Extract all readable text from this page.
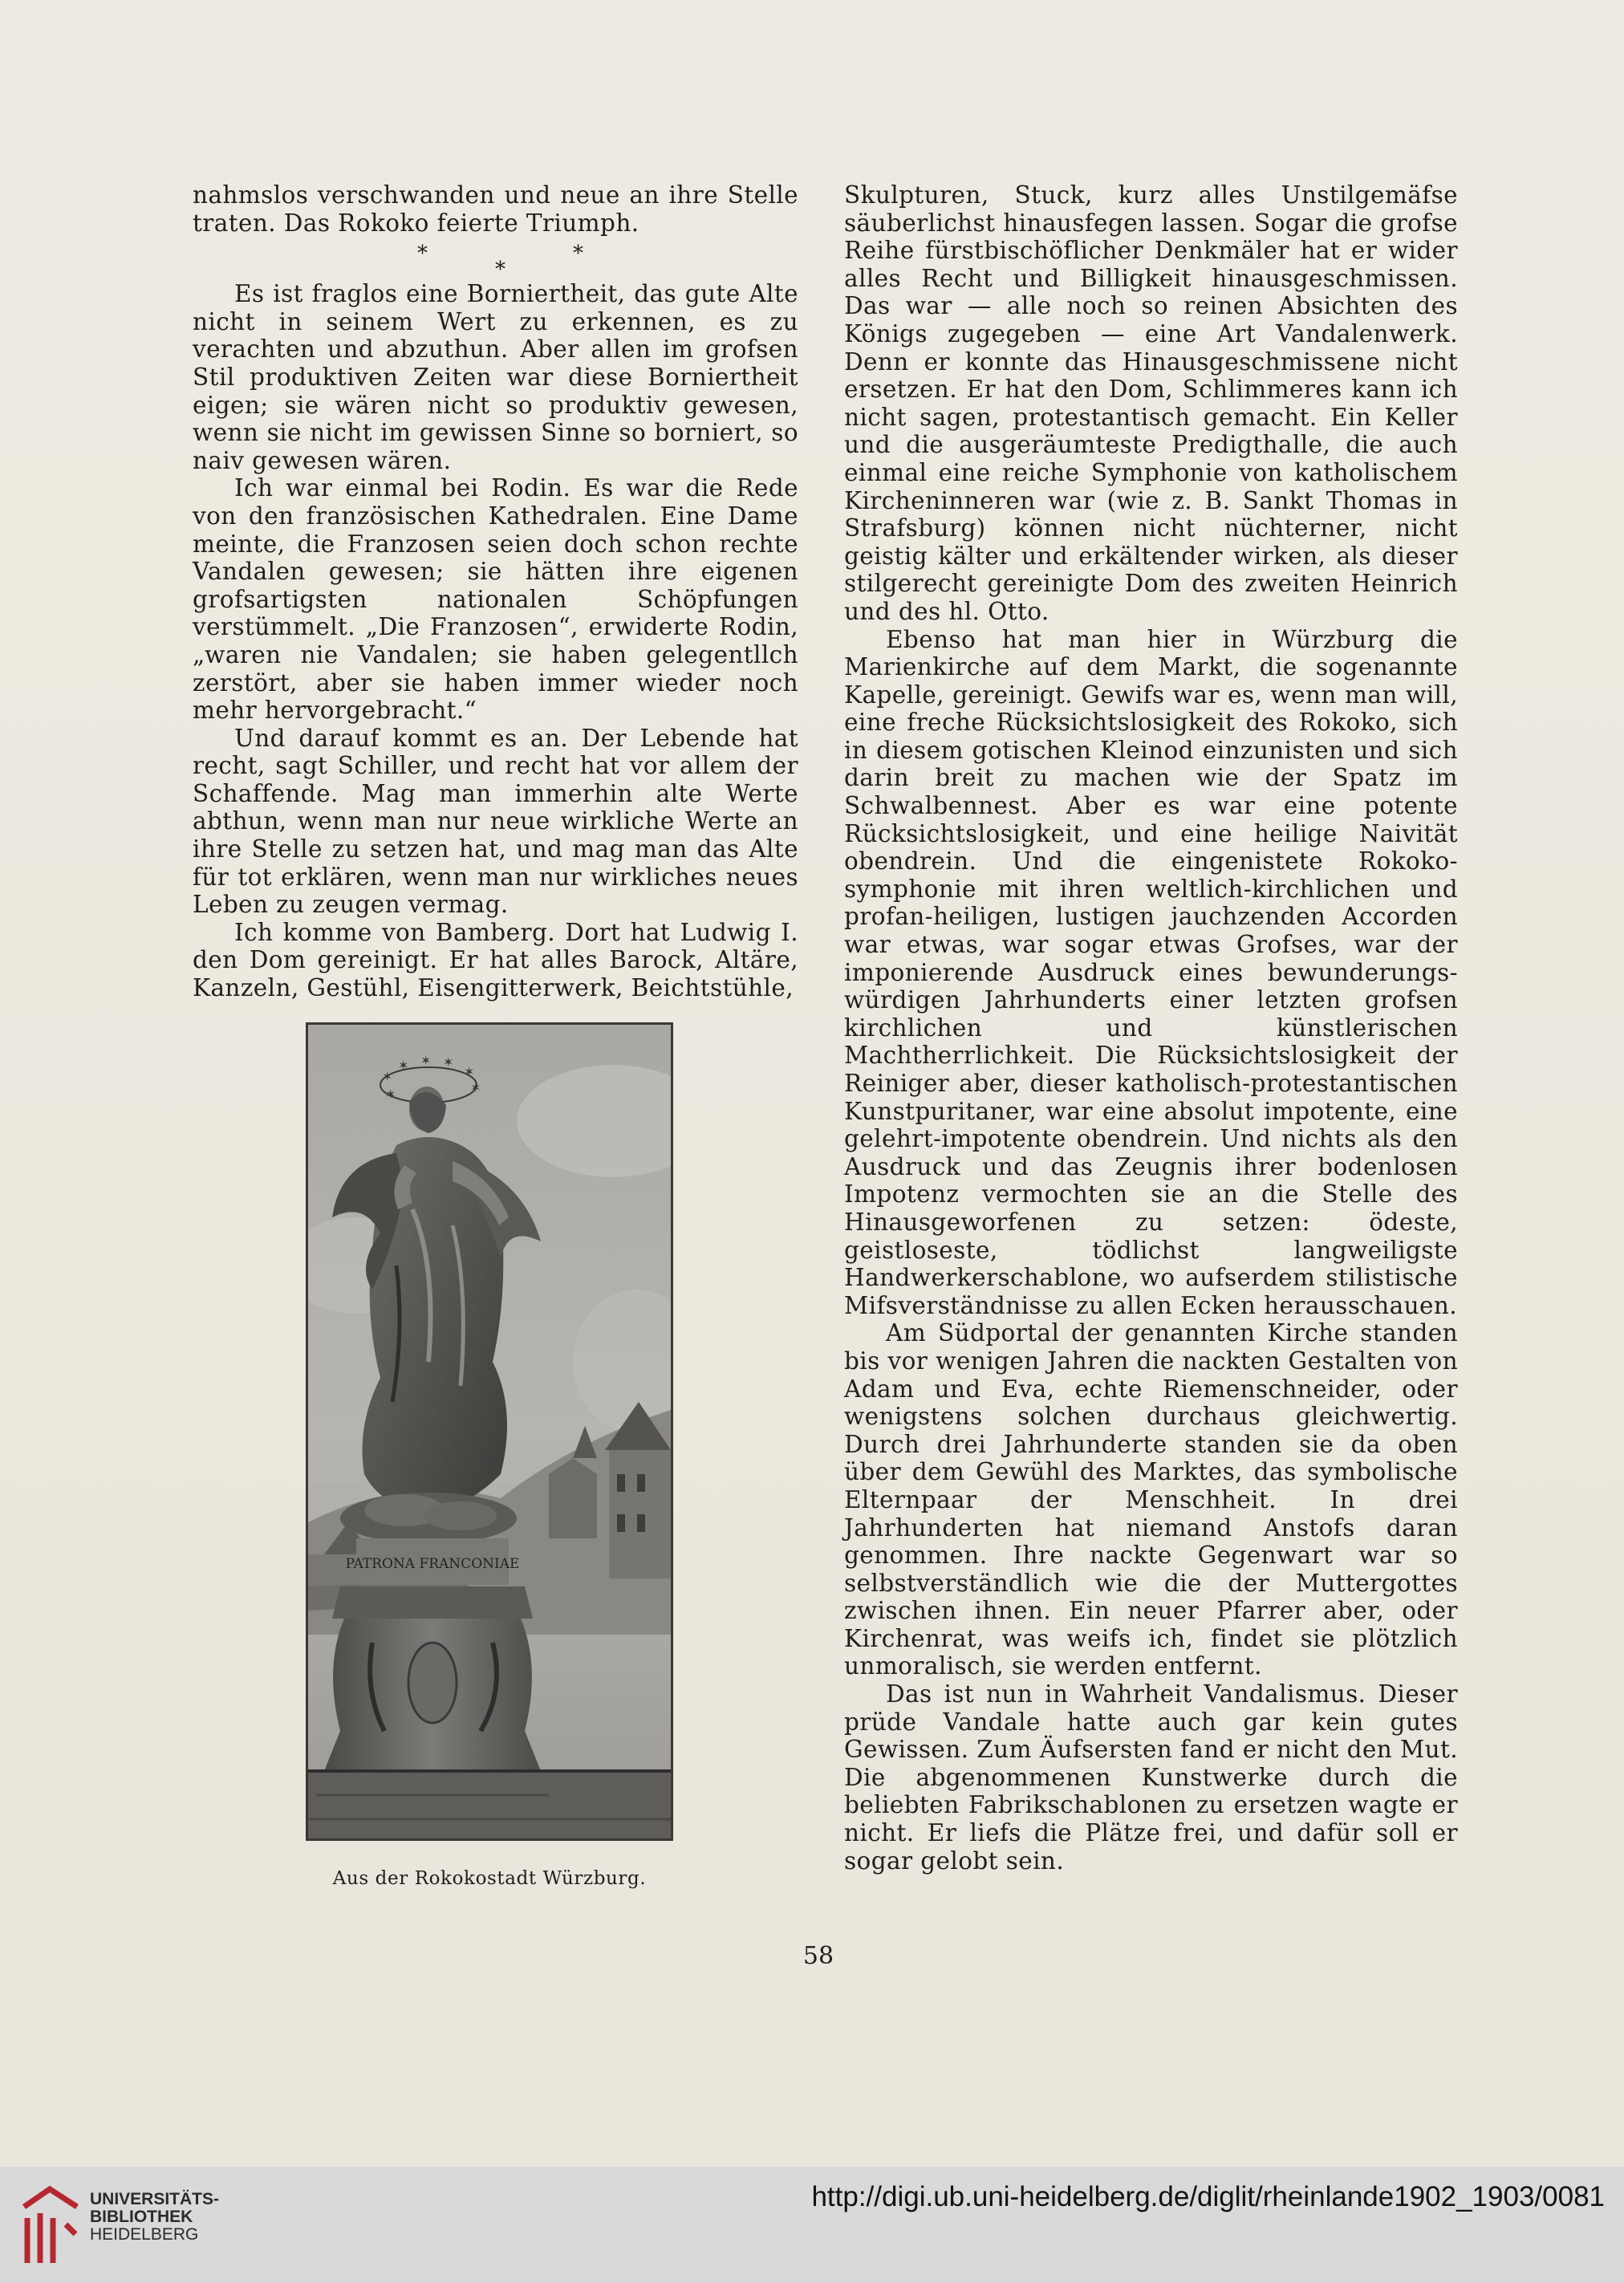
nahmslos verschwanden und neue an ihre Stelle traten. Das Rokoko feierte Triumph.

*
*
*

Es ist fraglos eine Borniertheit, das gute Alte nicht in seinem Wert zu erkennen, es zu verachten und abzuthun. Aber allen im grofsen Stil produktiven Zeiten war diese Borniertheit eigen; sie wären nicht so produktiv gewesen, wenn sie nicht im gewissen Sinne so borniert, so naiv gewesen wären.

Ich war einmal bei Rodin. Es war die Rede von den französischen Kathedralen. Eine Dame meinte, die Franzosen seien doch schon rechte Vandalen gewesen; sie hätten ihre eigenen grofsartigsten nationalen Schöpfungen verstümmelt. „Die Franzosen“, erwiderte Rodin, „waren nie Vandalen; sie haben gelegentllch zerstört, aber sie haben immer wieder noch mehr hervorgebracht.“

Und darauf kommt es an. Der Lebende hat recht, sagt Schiller, und recht hat vor allem der Schaffende. Mag man immerhin alte Werte abthun, wenn man nur neue wirkliche Werte an ihre Stelle zu setzen hat, und mag man das Alte für tot erklären, wenn man nur wirkliches neues Leben zu zeugen vermag.

Ich komme von Bamberg. Dort hat Ludwig I. den Dom gereinigt. Er hat alles Barock, Altäre, Kanzeln, Gestühl, Eisengitterwerk, Beichtstühle,

Skulpturen, Stuck, kurz alles Unstilgemäfse säuberlichst hinausfegen lassen. Sogar die grofse Reihe fürstbischöflicher Denkmäler hat er wider alles Recht und Billigkeit hinausgeschmissen. Das war — alle noch so reinen Absichten des Königs zugegeben — eine Art Vandalenwerk. Denn er konnte das Hinausgeschmissene nicht ersetzen. Er hat den Dom, Schlimmeres kann ich nicht sagen, protestantisch gemacht. Ein Keller und die ausgeräumteste Predigthalle, die auch einmal eine reiche Symphonie von katholischem Kircheninneren war (wie z. B. Sankt Thomas in Strafsburg) können nicht nüchterner, nicht geistig kälter und erkältender wirken, als dieser stilgerecht gereinigte Dom des zweiten Heinrich und des hl. Otto.

Ebenso hat man hier in Würzburg die Marienkirche auf dem Markt, die sogenannte Kapelle, gereinigt. Gewifs war es, wenn man will, eine freche Rücksichtslosigkeit des Rokoko, sich in diesem gotischen Kleinod einzunisten und sich darin breit zu machen wie der Spatz im Schwalbennest. Aber es war eine potente Rücksichtslosigkeit, und eine heilige Naivität obendrein. Und die eingenistete Rokoko-symphonie mit ihren weltlich-kirchlichen und profan-heiligen, lustigen jauchzenden Accorden war etwas, war sogar etwas Grofses, war der imponierende Ausdruck eines bewunderungs-würdigen Jahrhunderts einer letzten grofsen kirchlichen und künstlerischen Machtherrlichkeit. Die Rücksichtslosigkeit der Reiniger aber, dieser katholisch-protestantischen Kunstpuritaner, war eine absolut impotente, eine gelehrt-impotente obendrein. Und nichts als den Ausdruck und das Zeugnis ihrer bodenlosen Impotenz vermochten sie an die Stelle des Hinausgeworfenen zu setzen: ödeste, geistloseste, tödlichst langweiligste Handwerkerschablone, wo aufserdem stilistische Mifsverständnisse zu allen Ecken herausschauen.

Am Südportal der genannten Kirche standen bis vor wenigen Jahren die nackten Gestalten von Adam und Eva, echte Riemenschneider, oder wenigstens solchen durchaus gleichwertig. Durch drei Jahrhunderte standen sie da oben über dem Gewühl des Marktes, das symbolische Elternpaar der Menschheit. In drei Jahrhunderten hat niemand Anstofs daran genommen. Ihre nackte Gegenwart war so selbstverständlich wie die der Muttergottes zwischen ihnen. Ein neuer Pfarrer aber, oder Kirchenrat, was weifs ich, findet sie plötzlich unmoralisch, sie werden entfernt.

Das ist nun in Wahrheit Vandalismus. Dieser prüde Vandale hatte auch gar kein gutes Gewissen. Zum Äufsersten fand er nicht den Mut. Die abgenommenen Kunstwerke durch die beliebten Fabrikschablonen zu ersetzen wagte er nicht. Er liefs die Plätze frei, und dafür soll er sogar gelobt sein.

✶
✶ ✶ ✶
✶
✶
✶
PATRONA FRANCONIAE
Aus der Rokokostadt Würzburg.
58
UNIVERSITÄTS-
BIBLIOTHEK
HEIDELBERG
http://digi.ub.uni-heidelberg.de/diglit/rheinlande1902_1903/0081
